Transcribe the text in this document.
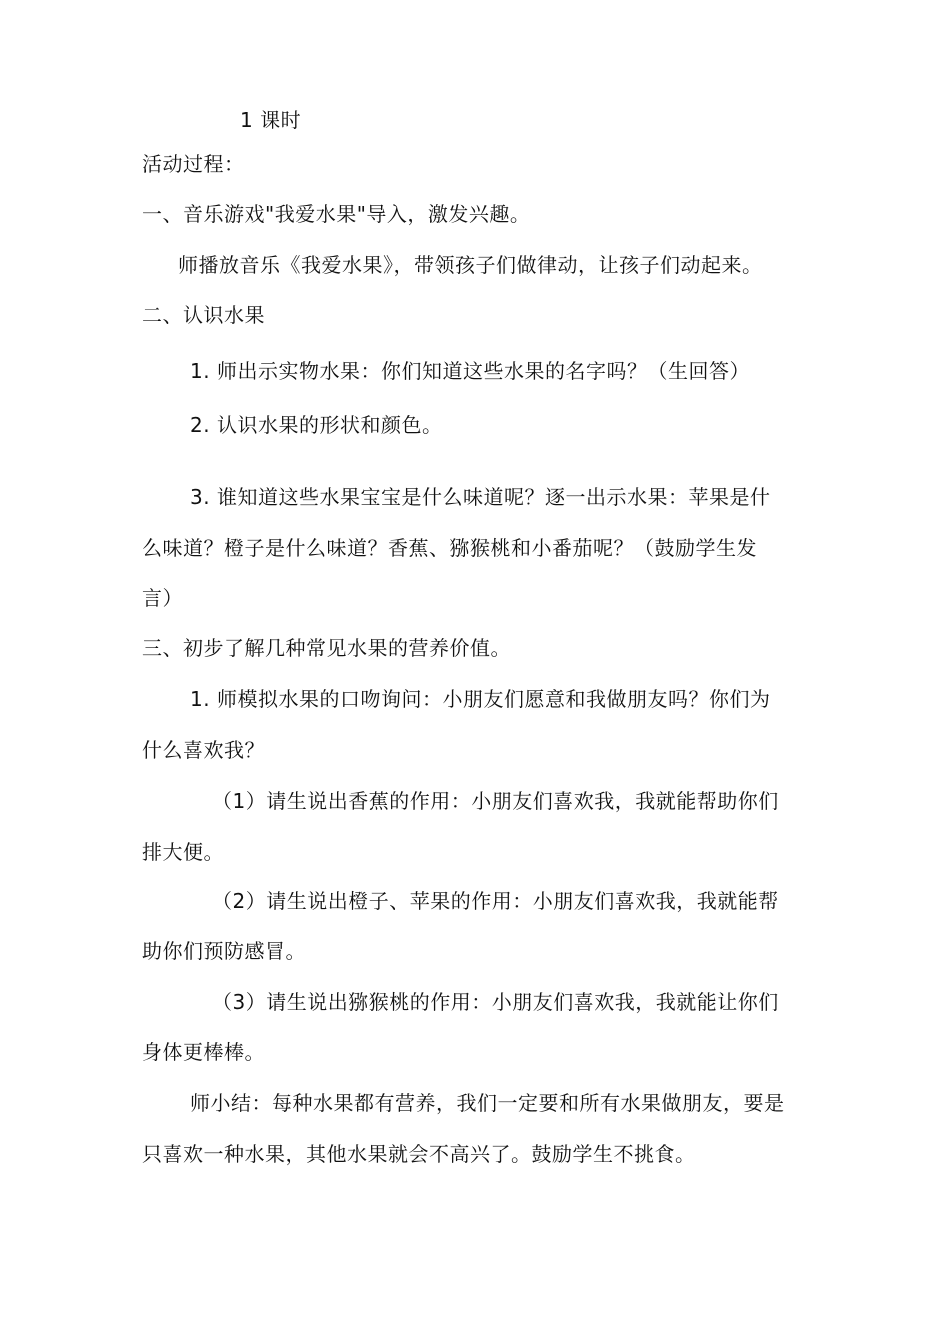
1 课时
活动过程：
一、音乐游戏"我爱水果"导入，激发兴趣。
师播放音乐《我爱水果》，带领孩子们做律动，让孩子们动起来。
二、认识水果
1. 师出示实物水果：你们知道这些水果的名字吗？（生回答）
2. 认识水果的形状和颜色。
3. 谁知道这些水果宝宝是什么味道呢？逐一出示水果：苹果是什
么味道？橙子是什么味道？香蕉、猕猴桃和小番茄呢？（鼓励学生发
言）
三、初步了解几种常见水果的营养价值。
1. 师模拟水果的口吻询问：小朋友们愿意和我做朋友吗？你们为
什么喜欢我？
（1）请生说出香蕉的作用：小朋友们喜欢我，我就能帮助你们
排大便。
（2）请生说出橙子、苹果的作用：小朋友们喜欢我，我就能帮
助你们预防感冒。
（3）请生说出猕猴桃的作用：小朋友们喜欢我，我就能让你们
身体更棒棒。
师小结：每种水果都有营养，我们一定要和所有水果做朋友，要是
只喜欢一种水果，其他水果就会不高兴了。鼓励学生不挑食。
